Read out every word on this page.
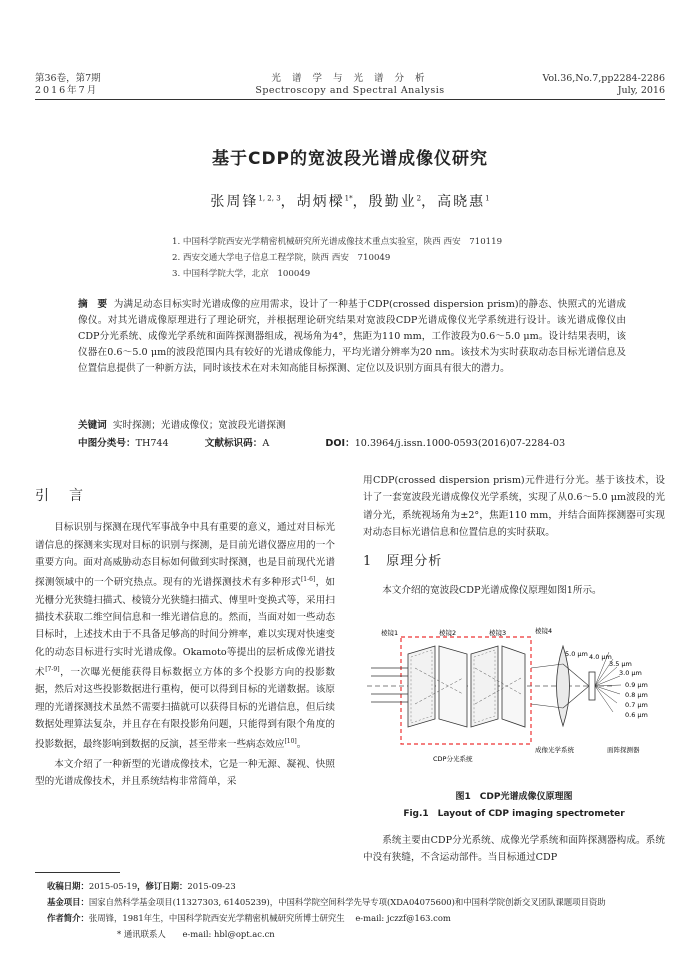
第36卷，第7期
2016年7月
光 谱 学 与 光 谱 分 析
Spectroscopy and Spectral Analysis
Vol.36,No.7,pp2284-2286
July, 2016
基于CDP的宽波段光谱成像仪研究
张周锋$^{1, 2, 3}$，胡炳樑$^{1*}$，殷勤业$^2$，高晓惠$^1$
1. 中国科学院西安光学精密机械研究所光谱成像技术重点实验室，陕西 西安　710119
2. 西安交通大学电子信息工程学院，陕西 西安　710049
3. 中国科学院大学，北京　100049
摘　要 为满足动态目标实时光谱成像的应用需求，设计了一种基于CDP(crossed dispersion prism)的静态、快照式的光谱成像仪。对其光谱成像原理进行了理论研究，并根据理论研究结果对宽波段CDP光谱成像仪光学系统进行设计。该光谱成像仪由CDP分光系统、成像光学系统和面阵探测器组成，视场角为4°，焦距为110 mm，工作波段为0.6～5.0 μm。设计结果表明，该仪器在0.6～5.0 μm的波段范围内具有较好的光谱成像能力，平均光谱分辨率为20 nm。该技术为实时获取动态目标光谱信息及位置信息提供了一种新方法，同时该技术在对未知高能目标探测、定位以及识别方面具有很大的潜力。
关键词 实时探测；光谱成像仪；宽波段光谱探测
中图分类号：TH744	文献标识码：A	DOI：10.3964/j.issn.1000-0593(2016)07-2284-03
引　言

目标识别与探测在现代军事战争中具有重要的意义，通过对目标光谱信息的探测来实现对目标的识别与探测，是目前光谱仪器应用的一个重要方向。面对高威胁动态目标如何做到实时探测，也是目前现代光谱探测领域中的一个研究热点。现有的光谱探测技术有多种形式[1-6]，如光栅分光狭缝扫描式、棱镜分光狭缝扫描式、傅里叶变换式等，采用扫描技术获取二维空间信息和一维光谱信息的。然而，当面对如一些动态目标时，上述技术由于不具备足够高的时间分辨率，难以实现对快速变化的动态目标进行实时光谱成像。Okamoto等提出的层析成像光谱技术[7-9]，一次曝光便能获得目标数据立方体的多个投影方向的投影数据，然后对这些投影数据进行重构，便可以得到目标的光谱数据。该原理的光谱探测技术虽然不需要扫描就可以获得目标的光谱信息，但后续数据处理算法复杂，并且存在有限投影角问题，只能得到有限个角度的投影数据，最终影响到数据的反演，甚至带来一些病态效应[10]。

本文介绍了一种新型的光谱成像技术，它是一种无源、凝视、快照型的光谱成像技术，并且系统结构非常简单，采

用CDP(crossed dispersion prism)元件进行分光。基于该技术，设计了一套宽波段光谱成像仪光学系统，实现了从0.6～5.0 μm波段的光谱分光，系统视场角为±2°，焦距110 mm，并结合面阵探测器可实现对动态目标光谱信息和位置信息的实时获取。

1　原理分析

本文介绍的宽波段CDP光谱成像仪原理如图1所示。

棱镜1	棱镜2	棱镜3	棱镜4
5.0 μm 4.0 μm
3.5 μm
3.0 μm
0.9 μm
0.8 μm
0.7 μm
0.6 μm
CDP分光系统
成像光学系统	面阵探测器
图1　CDP光谱成像仪原理图
Fig.1　Layout of CDP imaging spectrometer

系统主要由CDP分光系统、成像光学系统和面阵探测器构成。系统中没有狭缝，不含运动部件。当目标通过CDP

收稿日期：2015-05-19，修订日期：2015-09-23
基金项目：国家自然科学基金项目(11327303, 61405239)，中国科学院空间科学先导专项(XDA04075600)和中国科学院创新交叉团队课题项目资助
作者简介：张周锋，1981年生，中国科学院西安光学精密机械研究所博士研究生 e-mail: jczzf@163.com
* 通讯联系人　　e-mail: hbl@opt.ac.cn
